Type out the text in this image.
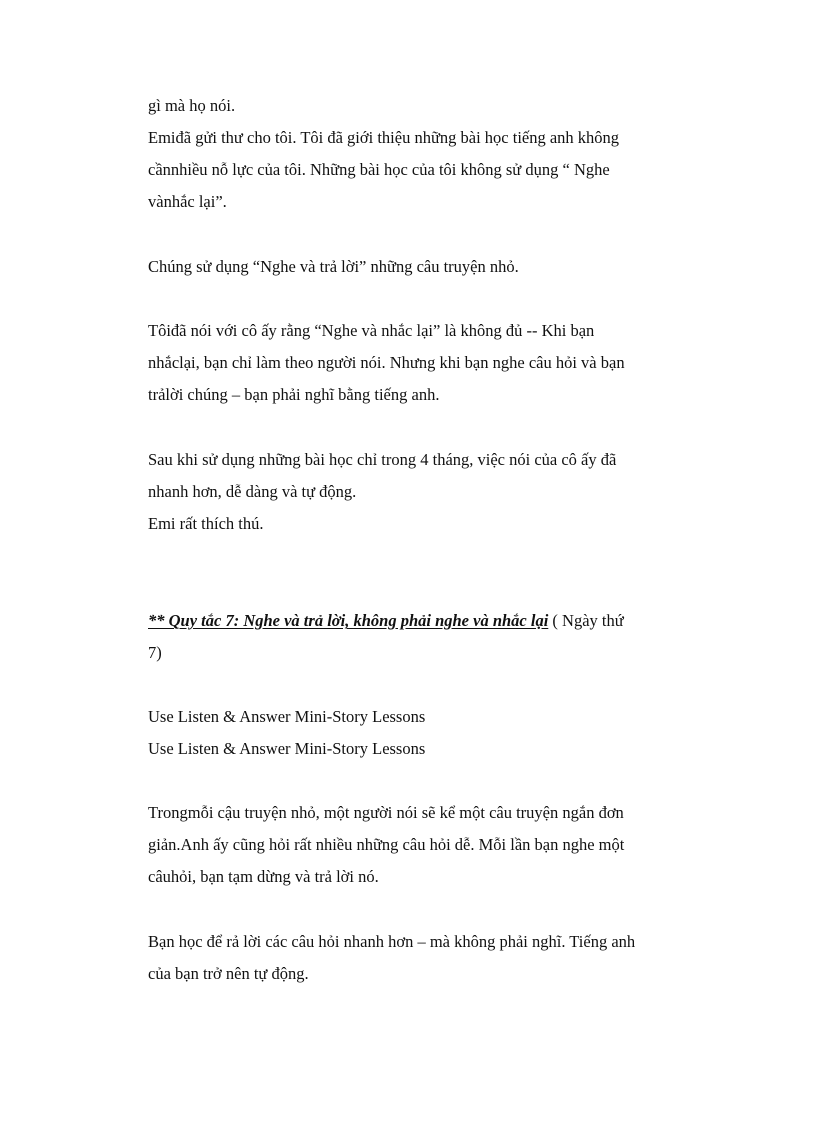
gì mà họ nói.
Emiđã gửi thư cho tôi. Tôi đã giới thiệu những bài học tiếng anh không
cầnnhiều nỗ lực của tôi. Những bài học của tôi không sử dụng “ Nghe
vànhắc lại”.
Chúng sử dụng “Nghe và trả lời” những câu truyện nhỏ.
Tôiđã nói với cô ấy rằng “Nghe và nhắc lại” là không đủ -- Khi bạn
nhắclại, bạn chỉ làm theo người nói. Nhưng khi bạn nghe câu hỏi và bạn
trảlời chúng – bạn phải nghĩ bằng tiếng anh.
Sau khi sử dụng những bài học chỉ trong 4 tháng, việc nói của cô ấy đã
nhanh hơn, dễ dàng và tự động.
Emi rất thích thú.
** Quy tắc 7: Nghe và trả lời, không phải nghe và nhắc lại ( Ngày thứ
7)
Use Listen & Answer Mini-Story Lessons
Use Listen & Answer Mini-Story Lessons
Trongmỗi cậu truyện nhỏ, một người nói sẽ kể một câu truyện ngắn đơn
giản.Anh ấy cũng hỏi rất nhiều những câu hỏi dễ. Mỗi lần bạn nghe một
câuhỏi, bạn tạm dừng và trả lời nó.
Bạn học để rả lời các câu hỏi nhanh hơn – mà không phải nghĩ. Tiếng anh
của bạn trở nên tự động.
